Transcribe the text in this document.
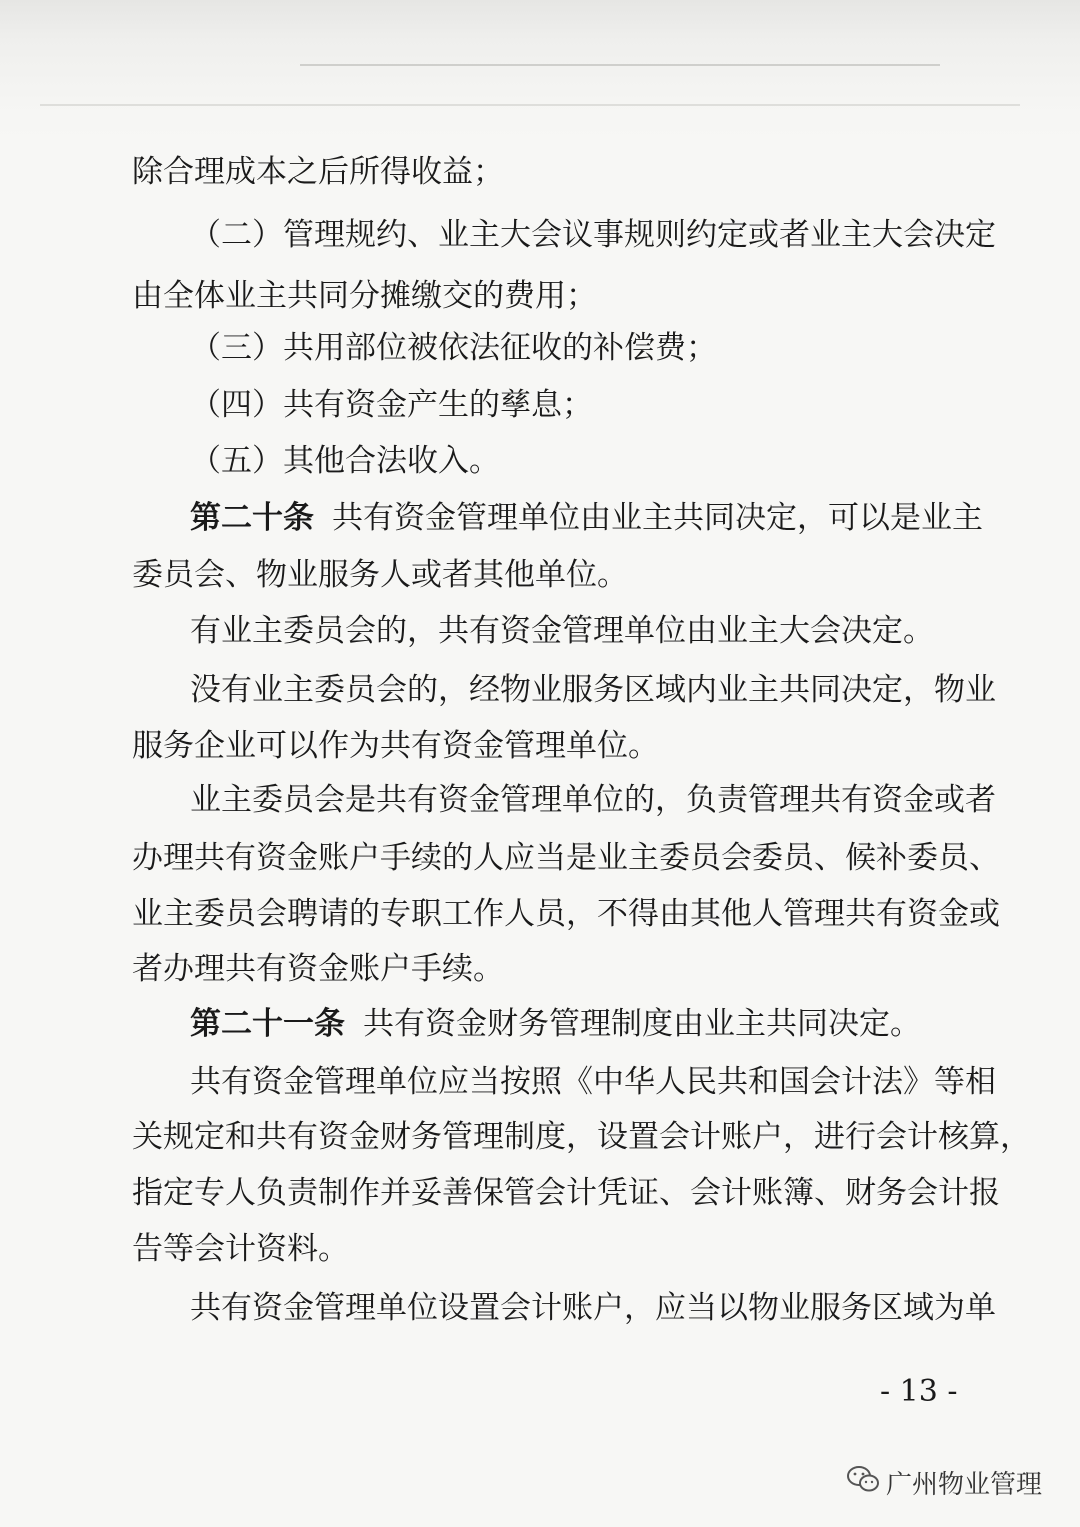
除合理成本之后所得收益；
（二）管理规约、业主大会议事规则约定或者业主大会决定
由全体业主共同分摊缴交的费用；
（三）共用部位被依法征收的补偿费；
（四）共有资金产生的孳息；
（五）其他合法收入。
第二十条 共有资金管理单位由业主共同决定，可以是业主
委员会、物业服务人或者其他单位。
有业主委员会的，共有资金管理单位由业主大会决定。
没有业主委员会的，经物业服务区域内业主共同决定，物业
服务企业可以作为共有资金管理单位。
业主委员会是共有资金管理单位的，负责管理共有资金或者
办理共有资金账户手续的人应当是业主委员会委员、候补委员、
业主委员会聘请的专职工作人员，不得由其他人管理共有资金或
者办理共有资金账户手续。
第二十一条 共有资金财务管理制度由业主共同决定。
共有资金管理单位应当按照《中华人民共和国会计法》等相
关规定和共有资金财务管理制度，设置会计账户，进行会计核算，
指定专人负责制作并妥善保管会计凭证、会计账簿、财务会计报
告等会计资料。
共有资金管理单位设置会计账户，应当以物业服务区域为单
- 13 -
广州物业管理
